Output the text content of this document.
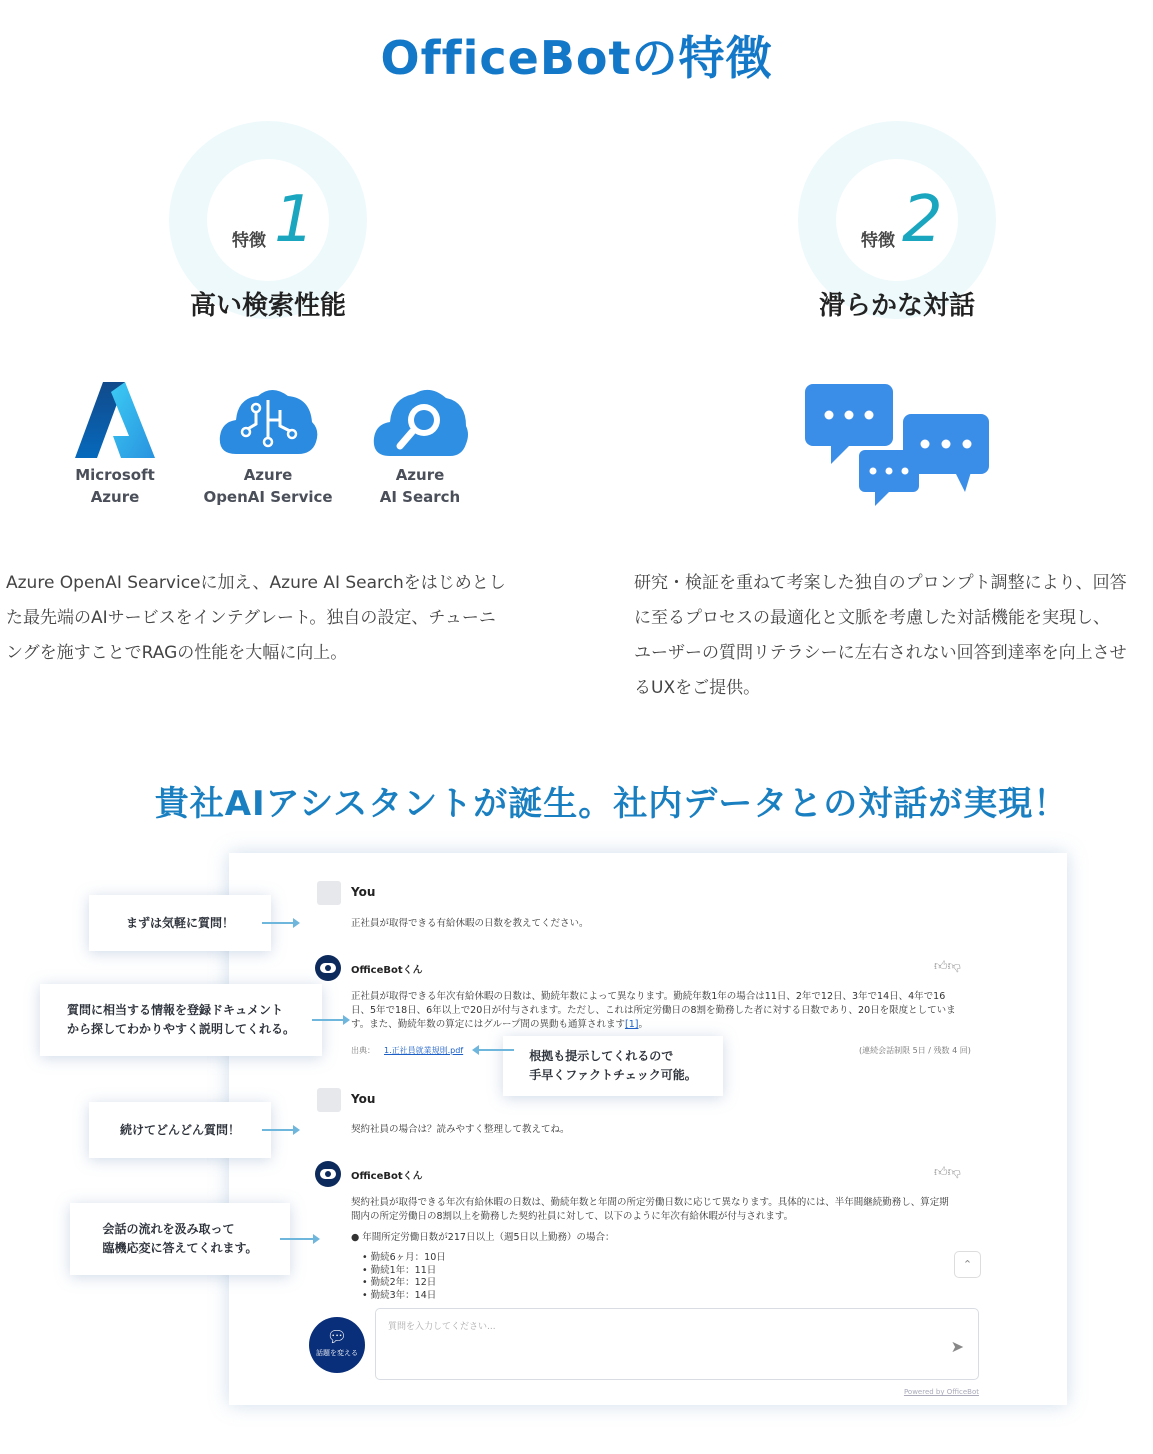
OfficeBotの特徴
特徴 1
高い検索性能
特徴 2
滑らかな対話
Microsoft
Azure
Azure
OpenAI Service
Azure
AI Search
Azure OpenAI Searviceに加え、Azure AI Searchをはじめとし
た最先端のAIサービスをインテグレート。独自の設定、チューニ
ングを施すことでRAGの性能を大幅に向上。
研究・検証を重ねて考案した独自のプロンプト調整により、回答
に至るプロセスの最適化と文脈を考慮した対話機能を実現し、
ユーザーの質問リテラシーに左右されない回答到達率を向上させ
るUXをご提供。
貴社AIアシスタントが誕生。社内データとの対話が実現！
You
正社員が取得できる有給休暇の日数を教えてください。
OfficeBotくん	👍︎👎︎
正社員が取得できる年次有給休暇の日数は、勤続年数によって異なります。勤続年数1年の場合は11日、2年で12日、3年で14日、4年で16
日、5年で18日、6年以上で20日が付与されます。ただし、これは所定労働日の8割を勤務した者に対する日数であり、20日を限度としていま
す。また、勤続年数の算定にはグループ間の異動も通算されます[1]。
出典： 1.正社員就業規則.pdf	(連続会話制限 5日 / 残数 4 回)
You
契約社員の場合は？読みやすく整理して教えてね。
OfficeBotくん	👍︎👎︎
契約社員が取得できる年次有給休暇の日数は、勤続年数と年間の所定労働日数に応じて異なります。具体的には、半年間継続勤務し、算定期
間内の所定労働日の8割以上を勤務した契約社員に対して、以下のように年次有給休暇が付与されます。
● 年間所定労働日数が217日以上（週5日以上勤務）の場合：
• 勤続6ヶ月：10日
• 勤続1年：11日
• 勤続2年：12日
• 勤続3年：14日
⌃
💬︎
話題を変える
質問を入力してください...
➤
Powered by OfficeBot
まずは気軽に質問！
質問に相当する情報を登録ドキュメント
から探してわかりやすく説明してくれる。
根拠も提示してくれるので
手早くファクトチェック可能。
続けてどんどん質問！
会話の流れを汲み取って
臨機応変に答えてくれます。
